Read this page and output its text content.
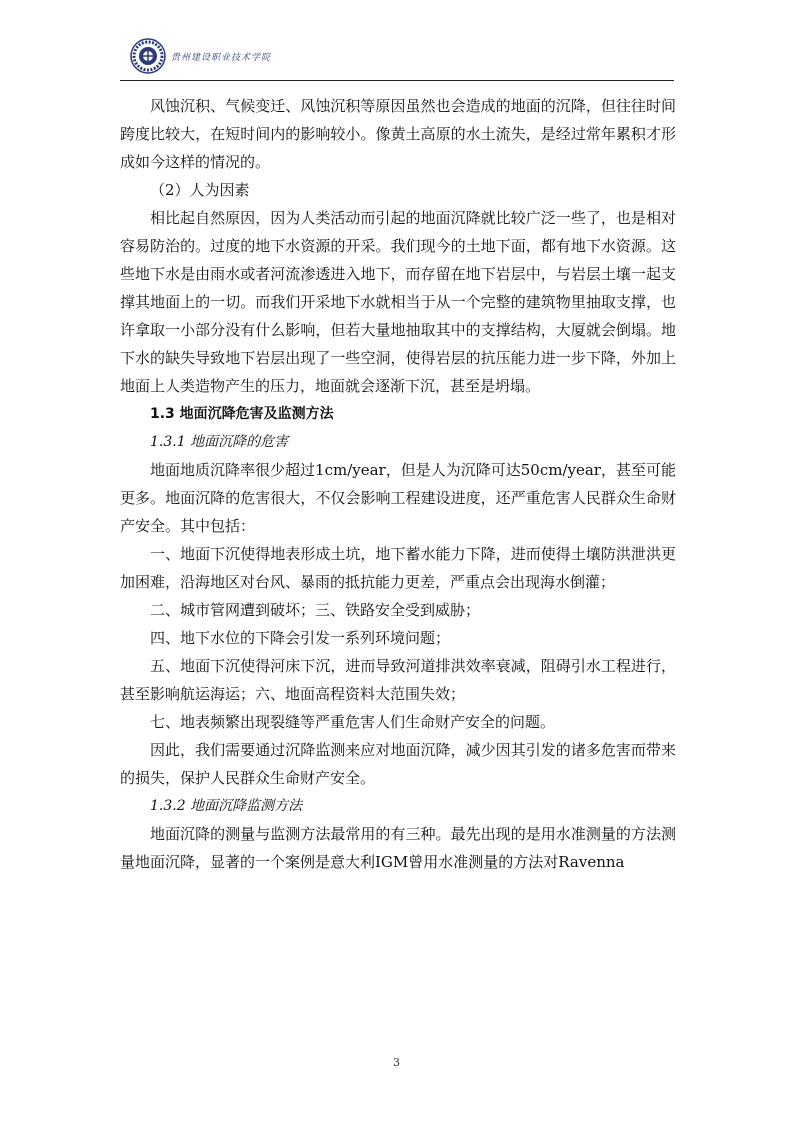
贵州建设职业技术学院

风蚀沉积、气候变迁、风蚀沉积等原因虽然也会造成的地面的沉降，但往往时间跨度比较大，在短时间内的影响较小。像黄土高原的水土流失，是经过常年累积才形成如今这样的情况的。

（2）人为因素

相比起自然原因，因为人类活动而引起的地面沉降就比较广泛一些了，也是相对容易防治的。过度的地下水资源的开采。我们现今的土地下面，都有地下水资源。这些地下水是由雨水或者河流渗透进入地下，而存留在地下岩层中，与岩层土壤一起支撑其地面上的一切。而我们开采地下水就相当于从一个完整的建筑物里抽取支撑，也许拿取一小部分没有什么影响，但若大量地抽取其中的支撑结构，大厦就会倒塌。地下水的缺失导致地下岩层出现了一些空洞，使得岩层的抗压能力进一步下降，外加上地面上人类造物产生的压力，地面就会逐渐下沉，甚至是坍塌。

1.3 地面沉降危害及监测方法

1.3.1 地面沉降的危害

地面地质沉降率很少超过1cm/year，但是人为沉降可达50cm/year，甚至可能更多。地面沉降的危害很大，不仅会影响工程建设进度，还严重危害人民群众生命财产安全。其中包括：

一、地面下沉使得地表形成土坑，地下蓄水能力下降，进而使得土壤防洪泄洪更加困难，沿海地区对台风、暴雨的抵抗能力更差，严重点会出现海水倒灌；

二、城市管网遭到破坏；三、铁路安全受到威胁；

四、地下水位的下降会引发一系列环境问题；

五、地面下沉使得河床下沉，进而导致河道排洪效率衰减，阻碍引水工程进行，甚至影响航运海运；六、地面高程资料大范围失效；

七、地表频繁出现裂缝等严重危害人们生命财产安全的问题。

因此，我们需要通过沉降监测来应对地面沉降，减少因其引发的诸多危害而带来的损失，保护人民群众生命财产安全。

1.3.2 地面沉降监测方法

地面沉降的测量与监测方法最常用的有三种。最先出现的是用水准测量的方法测量地面沉降，显著的一个案例是意大利IGM曾用水准测量的方法对Ravenna

3
